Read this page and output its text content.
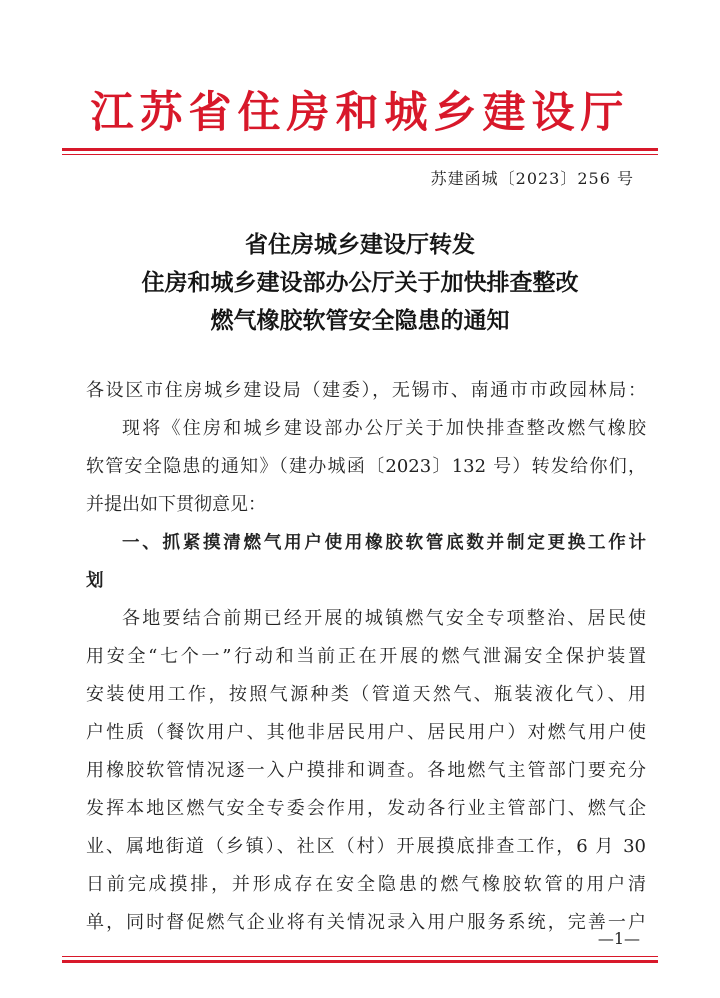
江苏省住房和城乡建设厅
苏建函城〔2023〕256 号
省住房城乡建设厅转发
住房和城乡建设部办公厅关于加快排查整改
燃气橡胶软管安全隐患的通知
各设区市住房城乡建设局（建委），无锡市、南通市市政园林局：
现将《住房和城乡建设部办公厅关于加快排查整改燃气橡胶
软管安全隐患的通知》（建办城函〔2023〕132 号）转发给你们，
并提出如下贯彻意见：
一、抓紧摸清燃气用户使用橡胶软管底数并制定更换工作计
划
各地要结合前期已经开展的城镇燃气安全专项整治、居民使
用安全“七个一”行动和当前正在开展的燃气泄漏安全保护装置
安装使用工作，按照气源种类（管道天然气、瓶装液化气）、用
户性质（餐饮用户、其他非居民用户、居民用户）对燃气用户使
用橡胶软管情况逐一入户摸排和调查。各地燃气主管部门要充分
发挥本地区燃气安全专委会作用，发动各行业主管部门、燃气企
业、属地街道（乡镇）、社区（村）开展摸底排查工作，6 月 30
日前完成摸排，并形成存在安全隐患的燃气橡胶软管的用户清
单，同时督促燃气企业将有关情况录入用户服务系统，完善一户
—1—
